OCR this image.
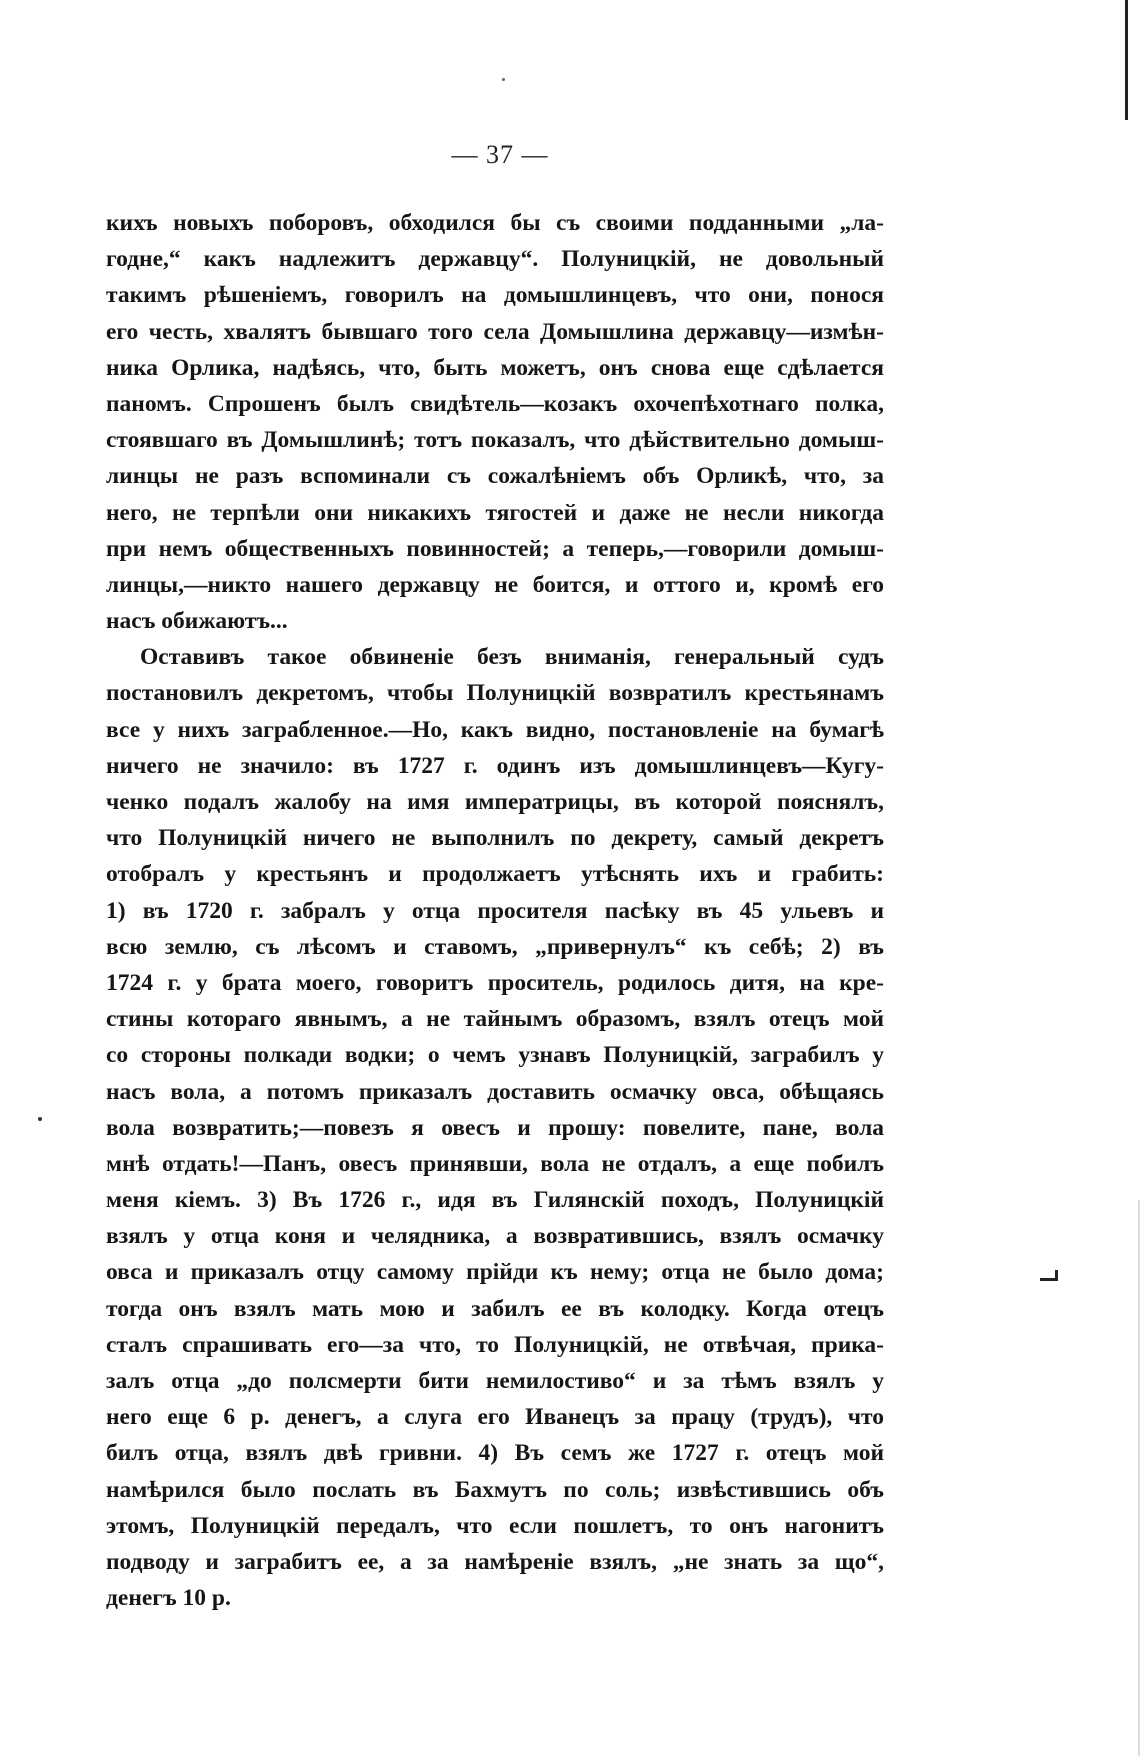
— 37 —
кихъ новыхъ поборовъ, обходился бы съ своими подданными „ла-
годне,“ какъ надлежитъ державцу“. Полуницкій, не довольный
такимъ рѣшеніемъ, говорилъ на домышлинцевъ, что они, понося
его честь, хвалятъ бывшаго того села Домышлина державцу—измѣн-
ника Орлика, надѣясь, что, быть можетъ, онъ снова еще сдѣлается
паномъ. Спрошенъ былъ свидѣтель—козакъ охочепѣхотнаго полка,
стоявшаго въ Домышлинѣ; тотъ показалъ, что дѣйствительно домыш-
линцы не разъ вспоминали съ сожалѣніемъ объ Орликѣ, что, за
него, не терпѣли они никакихъ тягостей и даже не несли никогда
при немъ общественныхъ повинностей; а теперь,—говорили домыш-
линцы,—никто нашего державцу не боится, и оттого и, кромѣ его
насъ обижаютъ...
Оставивъ такое обвиненіе безъ вниманія, генеральный судъ
постановилъ декретомъ, чтобы Полуницкій возвратилъ крестьянамъ
все у нихъ заграбленное.—Но, какъ видно, постановленіе на бумагѣ
ничего не значило: въ 1727 г. одинъ изъ домышлинцевъ—Кугу-
ченко подалъ жалобу на имя императрицы, въ которой пояснялъ,
что Полуницкій ничего не выполнилъ по декрету, самый декретъ
отобралъ у крестьянъ и продолжаетъ утѣснять ихъ и грабить:
1) въ 1720 г. забралъ у отца просителя пасѣку въ 45 ульевъ и
всю землю, съ лѣсомъ и ставомъ, „привернулъ“ къ себѣ; 2) въ
1724 г. у брата моего, говоритъ проситель, родилось дитя, на кре-
стины котораго явнымъ, а не тайнымъ образомъ, взялъ отецъ мой
со стороны полкади водки; о чемъ узнавъ Полуницкій, заграбилъ у
насъ вола, а потомъ приказалъ доставить осмачку овса, обѣщаясь
вола возвратить;—повезъ я овесъ и прошу: повелите, пане, вола
мнѣ отдать!—Панъ, овесъ принявши, вола не отдалъ, а еще побилъ
меня кіемъ. 3) Въ 1726 г., идя въ Гилянскій походъ, Полуницкій
взялъ у отца коня и челядника, а возвратившись, взялъ осмачку
овса и приказалъ отцу самому прійди къ нему; отца не было дома;
тогда онъ взялъ мать мою и забилъ ее въ колодку. Когда отецъ
сталъ спрашивать его—за что, то Полуницкій, не отвѣчая, прика-
залъ отца „до полсмерти бити немилостиво“ и за тѣмъ взялъ у
него еще 6 р. денегъ, а слуга его Иванецъ за працу (трудъ), что
билъ отца, взялъ двѣ гривни. 4) Въ семъ же 1727 г. отецъ мой
намѣрился было послать въ Бахмутъ по соль; извѣстившись объ
этомъ, Полуницкій передалъ, что если пошлетъ, то онъ нагонитъ
подводу и заграбитъ ее, а за намѣреніе взялъ, „не знать за що“,
денегъ 10 р.
